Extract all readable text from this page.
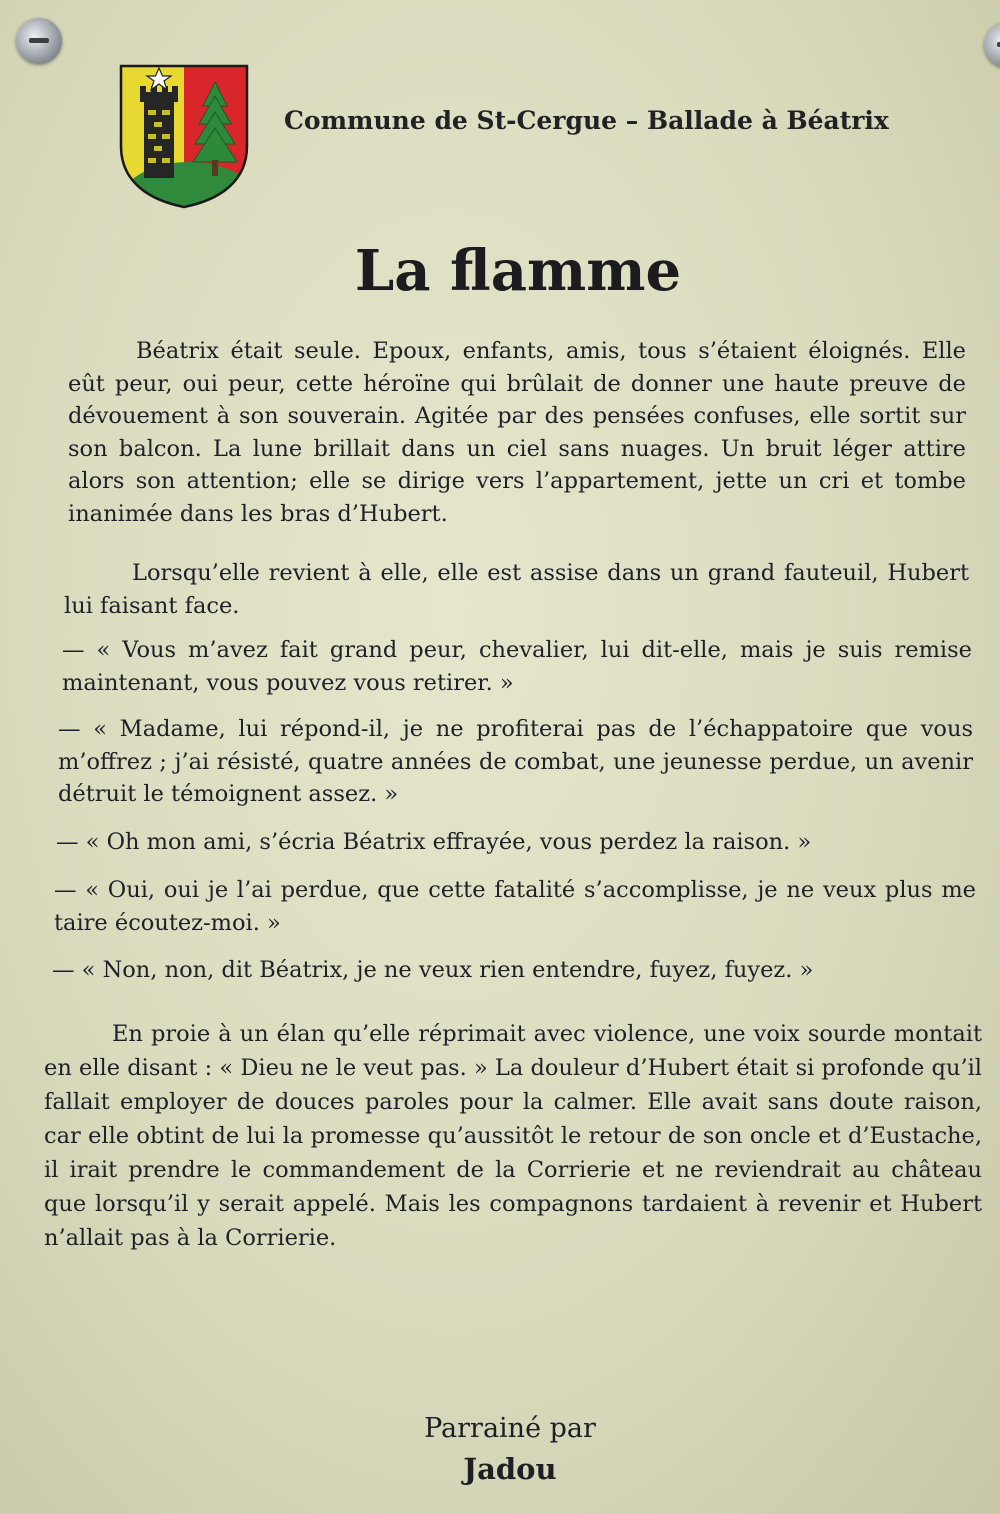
Commune de St-Cergue – Ballade à Béatrix
La flamme

Béatrix était seule. Epoux, enfants, amis, tous s’étaient éloignés. Elle eût peur, oui peur, cette héroïne qui brûlait de donner une haute preuve de dévouement à son souverain. Agitée par des pensées confuses, elle sortit sur son balcon. La lune brillait dans un ciel sans nuages. Un bruit léger attire alors son attention; elle se dirige vers l’appartement, jette un cri et tombe inanimée dans les bras d’Hubert.

Lorsqu’elle revient à elle, elle est assise dans un grand fauteuil, Hubert lui faisant face.

— « Vous m’avez fait grand peur, chevalier, lui dit-elle, mais je suis remise maintenant, vous pouvez vous retirer. »

— « Madame, lui répond-il, je ne profiterai pas de l’échappatoire que vous m’offrez ; j’ai résisté, quatre années de combat, une jeunesse perdue, un avenir détruit le témoignent assez. »

— « Oh mon ami, s’écria Béatrix effrayée, vous perdez la raison. »

— « Oui, oui je l’ai perdue, que cette fatalité s’accomplisse, je ne veux plus me taire écoutez-moi. »

— « Non, non, dit Béatrix, je ne veux rien entendre, fuyez, fuyez. »

En proie à un élan qu’elle réprimait avec violence, une voix sourde montait en elle disant : « Dieu ne le veut pas. » La douleur d’Hubert était si profonde qu’il fallait employer de douces paroles pour la calmer. Elle avait sans doute raison, car elle obtint de lui la promesse qu’aussitôt le retour de son oncle et d’Eustache, il irait prendre le commandement de la Corrierie et ne reviendrait au château que lorsqu’il y serait appelé. Mais les compagnons tardaient à revenir et Hubert n’allait pas à la Corrierie.

Parrainé par

Jadou
